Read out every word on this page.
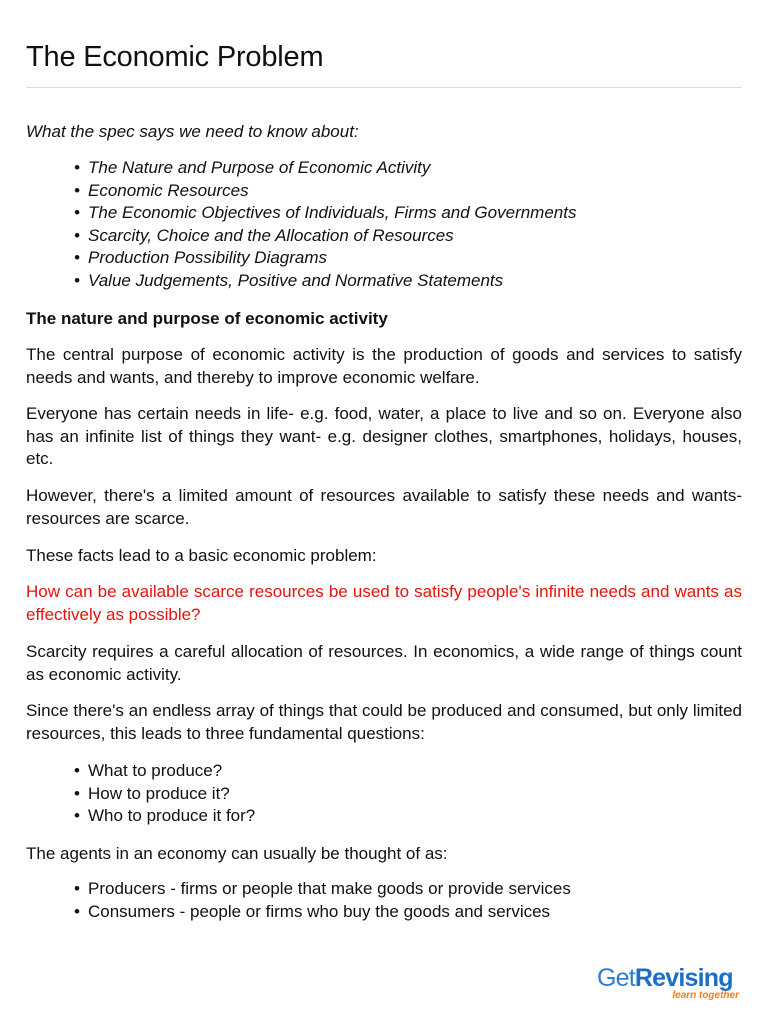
The Economic Problem

What the spec says we need to know about:

• The Nature and Purpose of Economic Activity
• Economic Resources
• The Economic Objectives of Individuals, Firms and Governments
• Scarcity, Choice and the Allocation of Resources
• Production Possibility Diagrams
• Value Judgements, Positive and Normative Statements
The nature and purpose of economic activity

The central purpose of economic activity is the production of goods and services to satisfy needs and wants, and thereby to improve economic welfare.

Everyone has certain needs in life- e.g. food, water, a place to live and so on. Everyone also has an infinite list of things they want- e.g. designer clothes, smartphones, holidays, houses, etc.

However, there's a limited amount of resources available to satisfy these needs and wants- resources are scarce.

These facts lead to a basic economic problem:

How can be available scarce resources be used to satisfy people's infinite needs and wants as effectively as possible?

Scarcity requires a careful allocation of resources. In economics, a wide range of things count as economic activity.

Since there's an endless array of things that could be produced and consumed, but only limited resources, this leads to three fundamental questions:

• What to produce?
• How to produce it?
• Who to produce it for?

The agents in an economy can usually be thought of as:

• Producers - firms or people that make goods or provide services
• Consumers - people or firms who buy the goods and services
GetRevising
learn together
